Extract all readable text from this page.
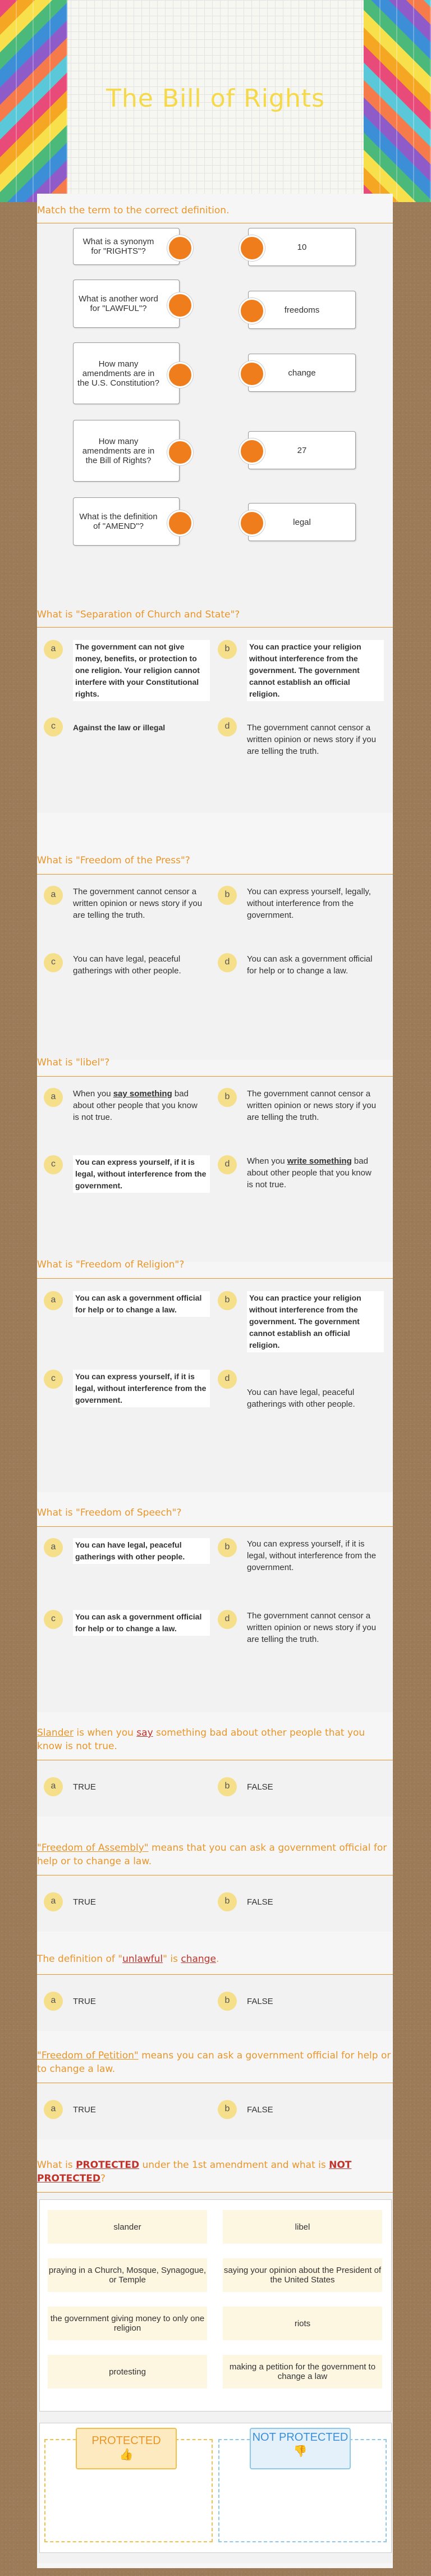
The Bill of Rights
Match the term to the correct definition.
What is a synonym for "RIGHTS"?
What is another word for "LAWFUL"?
How many amendments are in the U.S. Constitution?
How many amendments are in the Bill of Rights?
What is the definition of "AMEND"?
10
freedoms
change
27
legal
What is "Separation of Church and State"?
a	The government can not give money, benefits, or protection to one religion. Your religion cannot interfere with your Constitutional rights.
b	You can practice your religion without interference from the government. The government cannot establish an official religion.
c	Against the law or illegal	d	The government cannot censor a written opinion or news story if you are telling the truth.
What is "Freedom of the Press"?
a	The government cannot censor a written opinion or news story if you are telling the truth.
b	You can express yourself, legally, without interference from the government.
c	You can have legal, peaceful gatherings with other people.
d	You can ask a government official for help or to change a law.
What is "libel"?
a	When you say something bad about other people that you know is not true.
b	The government cannot censor a written opinion or news story if you are telling the truth.
c	You can express yourself, if it is legal, without interference from the government.
d	When you write something bad about other people that you know is not true.
What is "Freedom of Religion"?
a	You can ask a government official for help or to change a law.
b	You can practice your religion without interference from the government. The government cannot establish an official religion.
c	You can express yourself, if it is legal, without interference from the government.
d
You can have legal, peaceful gatherings with other people.
What is "Freedom of Speech"?
a	You can have legal, peaceful gatherings with other people.
b	You can express yourself, if it is legal, without interference from the government.
c	You can ask a government official for help or to change a law.
d	The government cannot censor a written opinion or news story if you are telling the truth.
Slander is when you say something bad about other people that you know is not true.
a	TRUE	b	FALSE
"Freedom of Assembly" means that you can ask a government official for help or to change a law.
a	TRUE	b	FALSE
The definition of "unlawful" is change.
a	TRUE	b	FALSE
"Freedom of Petition" means you can ask a government official for help or to change a law.
a	TRUE	b	FALSE
What is PROTECTED under the 1st amendment and what is NOT PROTECTED?
slander	libel
praying in a Church, Mosque, Synagogue, or Temple
saying your opinion about the President of the United States
the government giving money to only one religion	riots
protesting	making a petition for the government to change a law
PROTECTED
👍
NOT PROTECTED
👎
